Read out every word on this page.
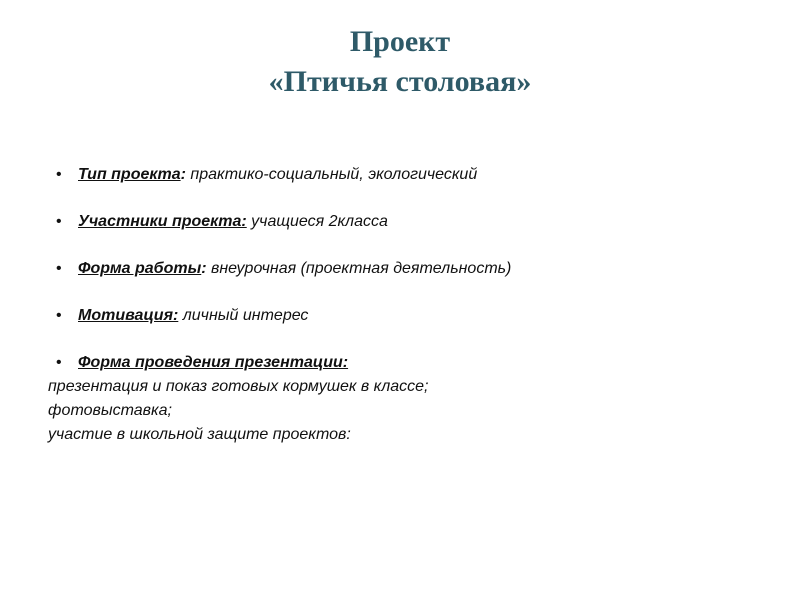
Проект
«Птичья столовая»
• Тип проекта: практико-социальный, экологический
• Участники проекта: учащиеся 2класса
• Форма работы: внеурочная (проектная деятельность)
• Мотивация: личный интерес
• Форма проведения презентации:
презентация и показ готовых кормушек в классе;
фотовыставка;
участие в школьной защите проектов:
